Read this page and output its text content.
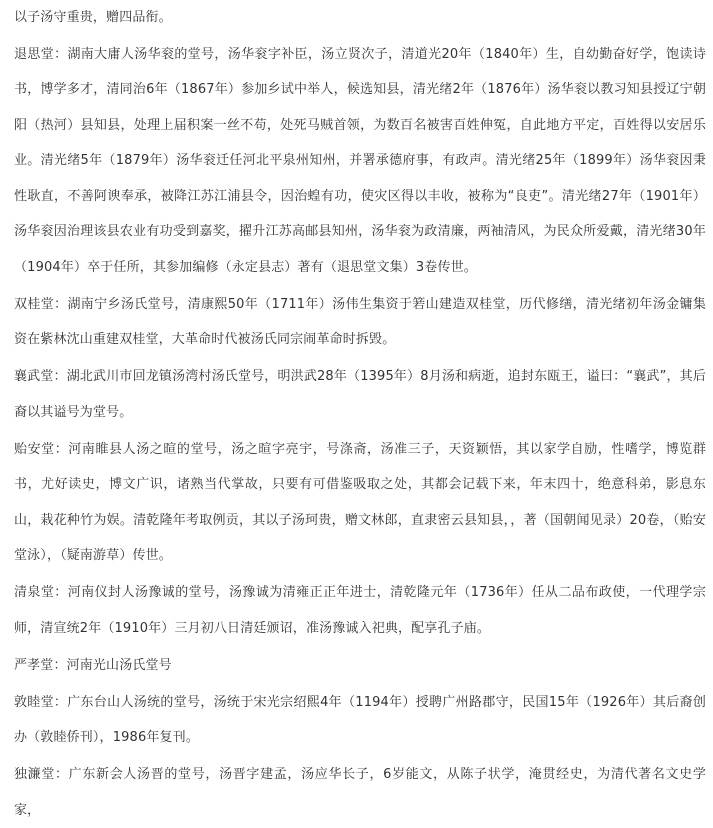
以子汤守重贵，赠四品衔。

退思堂：湖南大庸人汤华衮的堂号，汤华衮字补臣，汤立贤次子，清道光20年（1840年）生，自幼勤奋好学，饱读诗书，博学多才，清同治6年（1867年）参加乡试中举人，候选知县，清光绪2年（1876年）汤华衮以教习知县授辽宁朝阳（热河）县知县，处理上届积案一丝不苟，处死马贼首领，为数百名被害百姓伸冤，自此地方平定，百姓得以安居乐业。清光绪5年（1879年）汤华衮迁任河北平泉州知州，并署承德府事，有政声。清光绪25年（1899年）汤华衮因秉性耿直，不善阿谀奉承，被降江苏江浦县令，因治蝗有功，使灾区得以丰收，被称为“良吏”。清光绪27年（1901年）汤华衮因治理该县农业有功受到嘉奖，擢升江苏高邮县知州，汤华衮为政清廉，两袖清风，为民众所爱戴，清光绪30年（1904年）卒于任所，其参加编修（永定县志）著有（退思堂文集）3卷传世。

双桂堂：湖南宁乡汤氏堂号，清康熙50年（1711年）汤伟生集资于箬山建造双桂堂，历代修缮，清光绪初年汤金镛集资在紫林沈山重建双桂堂，大革命时代被汤氏同宗闹革命时拆毁。

襄武堂：湖北武川市回龙镇汤湾村汤氏堂号，明洪武28年（1395年）8月汤和病逝，追封东瓯王，谥曰：“襄武”，其后裔以其谥号为堂号。

贻安堂：河南睢县人汤之暄的堂号，汤之暄字亮宇，号涤斋，汤准三子，天资颖悟，其以家学自励，性嗜学，博览群书，尤好读史，博文广识，诸熟当代掌故，只要有可借鉴吸取之处，其都会记载下来，年末四十，绝意科弟，影息东山，栽花种竹为娱。清乾隆年考取例贡，其以子汤珂贵，赠文林郎，直隶密云县知县，，著（国朝闻见录）20卷，（贻安堂泳），（疑南游草）传世。

清泉堂：河南仪封人汤豫诚的堂号，汤豫诚为清雍正正年进士，清乾隆元年（1736年）任从二品布政使，一代理学宗师，清宣统2年（1910年）三月初八日清廷颁诏，准汤豫诚入祀典，配享孔子庙。

严孝堂：河南光山汤氏堂号

敦睦堂：广东台山人汤统的堂号，汤统于宋光宗绍熙4年（1194年）授聘广州路郡守，民国15年（1926年）其后裔创办（敦睦侨刊），1986年复刊。

独濂堂：广东新会人汤晋的堂号，汤晋字建孟，汤应华长子，6岁能文，从陈子状学，淹贯经史，为清代著名文史学家，
